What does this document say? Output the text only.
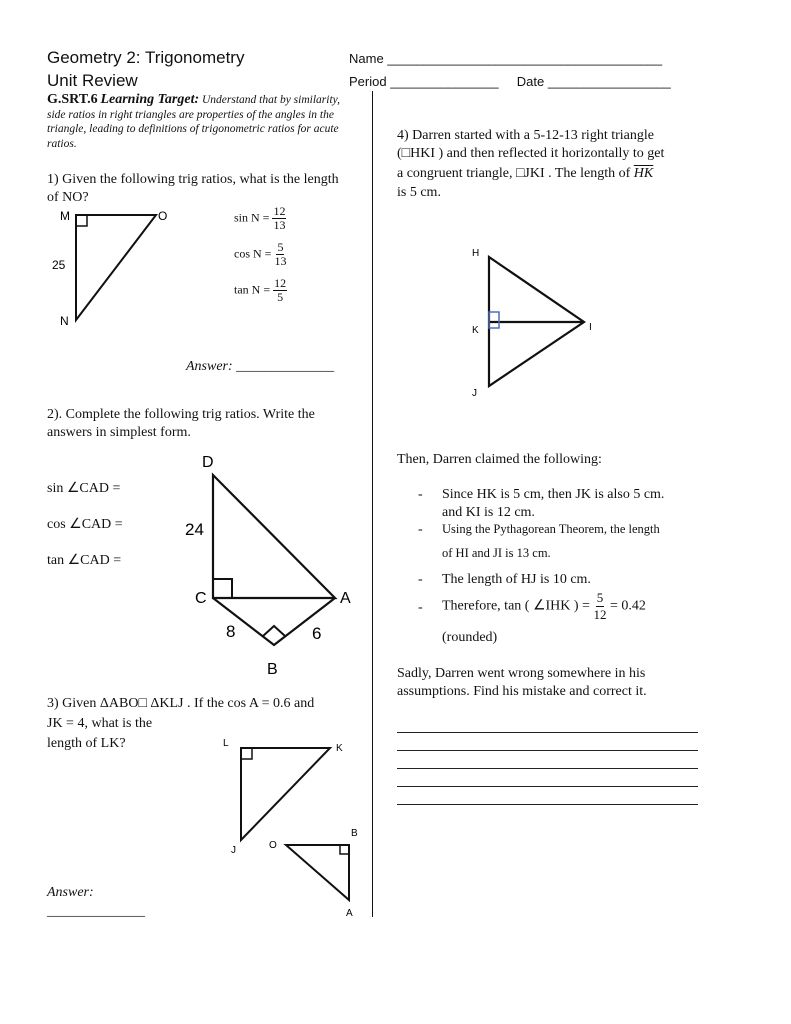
Geometry 2: Trigonometry
Unit Review
Name ______________________________________
Period _______________ Date _________________
G.SRT.6 Learning Target: Understand that by similarity, side ratios in right triangles are properties of the angles in the triangle, leading to definitions of trigonometric ratios for acute ratios.
1) Given the following trig ratios, what is the length of NO?
M	O
N
25
$\sin N = \frac{12}{13}$
$\cos N = \frac{5}{13}$
$\tan N = \frac{12}{5}$
Answer: ______________
2). Complete the following trig ratios. Write the answers in simplest form.
sin ∠CAD =
cos ∠CAD =
tan ∠CAD =
D
C	A
B
24
8	6
3) Given ΔABO□ ΔKLJ . If the cos A = 0.6 and
JK = 4, what is the
length of LK?	L	K
J	O
B
A
Answer:
______________
4) Darren started with a 5-12-13 right triangle
(□HKI ) and then reflected it horizontally to get
a congruent triangle, □JKI . The length of $\overline{HK}$
is 5 cm.
H
K	I
J
Then, Darren claimed the following:
- Since HK is 5 cm, then JK is also 5 cm.
and KI is 12 cm.
- Using the Pythagorean Theorem, the length
of HI and JI is 13 cm.
- The length of HJ is 10 cm.
- Therefore, tan ( ∠IHK ) = $\frac{5}{12} = 0.42$
(rounded)
Sadly, Darren went wrong somewhere in his
assumptions. Find his mistake and correct it.
